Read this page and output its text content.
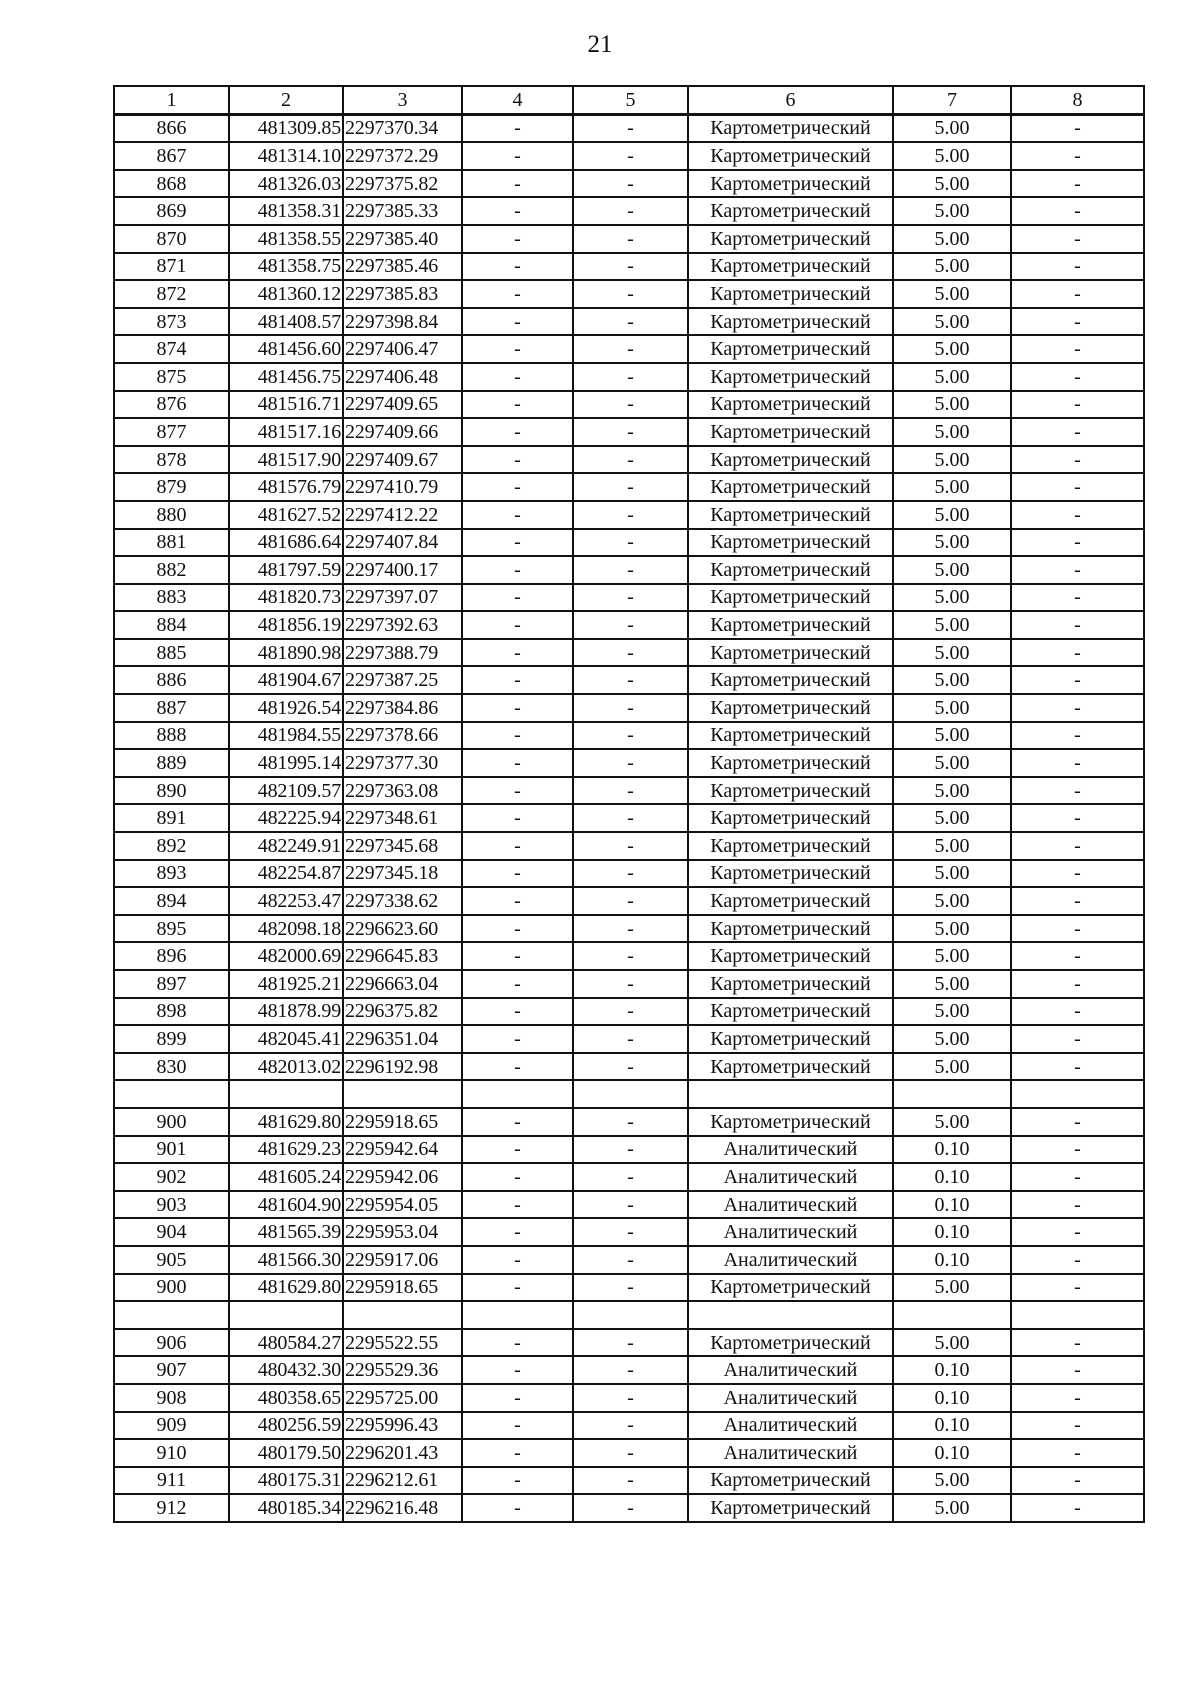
21
1	2	3	4	5	6	7	8
866	481309.85	2297370.34	-	-	Картометрический	5.00	-
867	481314.10	2297372.29	-	-	Картометрический	5.00	-
868	481326.03	2297375.82	-	-	Картометрический	5.00	-
869	481358.31	2297385.33	-	-	Картометрический	5.00	-
870	481358.55	2297385.40	-	-	Картометрический	5.00	-
871	481358.75	2297385.46	-	-	Картометрический	5.00	-
872	481360.12	2297385.83	-	-	Картометрический	5.00	-
873	481408.57	2297398.84	-	-	Картометрический	5.00	-
874	481456.60	2297406.47	-	-	Картометрический	5.00	-
875	481456.75	2297406.48	-	-	Картометрический	5.00	-
876	481516.71	2297409.65	-	-	Картометрический	5.00	-
877	481517.16	2297409.66	-	-	Картометрический	5.00	-
878	481517.90	2297409.67	-	-	Картометрический	5.00	-
879	481576.79	2297410.79	-	-	Картометрический	5.00	-
880	481627.52	2297412.22	-	-	Картометрический	5.00	-
881	481686.64	2297407.84	-	-	Картометрический	5.00	-
882	481797.59	2297400.17	-	-	Картометрический	5.00	-
883	481820.73	2297397.07	-	-	Картометрический	5.00	-
884	481856.19	2297392.63	-	-	Картометрический	5.00	-
885	481890.98	2297388.79	-	-	Картометрический	5.00	-
886	481904.67	2297387.25	-	-	Картометрический	5.00	-
887	481926.54	2297384.86	-	-	Картометрический	5.00	-
888	481984.55	2297378.66	-	-	Картометрический	5.00	-
889	481995.14	2297377.30	-	-	Картометрический	5.00	-
890	482109.57	2297363.08	-	-	Картометрический	5.00	-
891	482225.94	2297348.61	-	-	Картометрический	5.00	-
892	482249.91	2297345.68	-	-	Картометрический	5.00	-
893	482254.87	2297345.18	-	-	Картометрический	5.00	-
894	482253.47	2297338.62	-	-	Картометрический	5.00	-
895	482098.18	2296623.60	-	-	Картометрический	5.00	-
896	482000.69	2296645.83	-	-	Картометрический	5.00	-
897	481925.21	2296663.04	-	-	Картометрический	5.00	-
898	481878.99	2296375.82	-	-	Картометрический	5.00	-
899	482045.41	2296351.04	-	-	Картометрический	5.00	-
830	482013.02	2296192.98	-	-	Картометрический	5.00	-

900	481629.80	2295918.65	-	-	Картометрический	5.00	-
901	481629.23	2295942.64	-	-	Аналитический	0.10	-
902	481605.24	2295942.06	-	-	Аналитический	0.10	-
903	481604.90	2295954.05	-	-	Аналитический	0.10	-
904	481565.39	2295953.04	-	-	Аналитический	0.10	-
905	481566.30	2295917.06	-	-	Аналитический	0.10	-
900	481629.80	2295918.65	-	-	Картометрический	5.00	-

906	480584.27	2295522.55	-	-	Картометрический	5.00	-
907	480432.30	2295529.36	-	-	Аналитический	0.10	-
908	480358.65	2295725.00	-	-	Аналитический	0.10	-
909	480256.59	2295996.43	-	-	Аналитический	0.10	-
910	480179.50	2296201.43	-	-	Аналитический	0.10	-
911	480175.31	2296212.61	-	-	Картометрический	5.00	-
912	480185.34	2296216.48	-	-	Картометрический	5.00	-
